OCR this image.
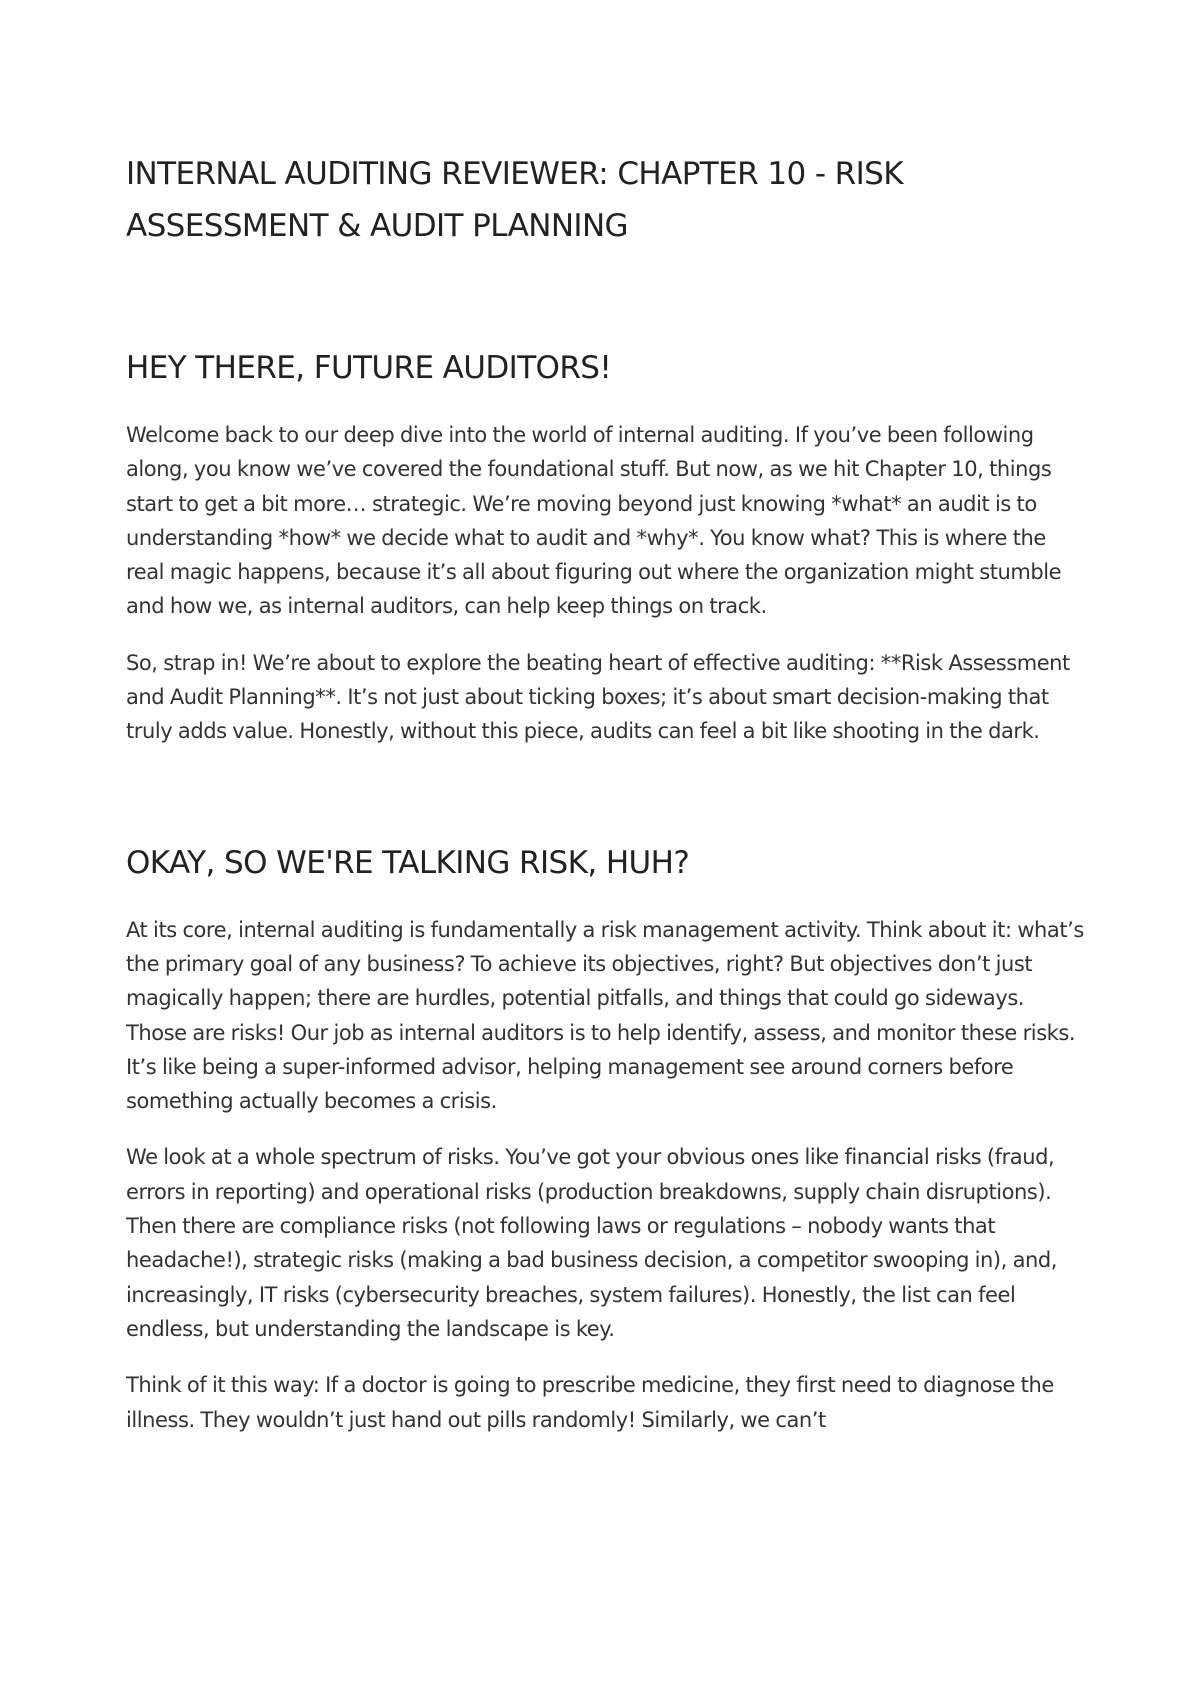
INTERNAL AUDITING REVIEWER: CHAPTER 10 - RISK ASSESSMENT & AUDIT PLANNING
HEY THERE, FUTURE AUDITORS!

Welcome back to our deep dive into the world of internal auditing. If you’ve been following along, you know we’ve covered the foundational stuff. But now, as we hit Chapter 10, things start to get a bit more… strategic. We’re moving beyond just knowing *what* an audit is to understanding *how* we decide what to audit and *why*. You know what? This is where the real magic happens, because it’s all about figuring out where the organization might stumble and how we, as internal auditors, can help keep things on track.

So, strap in! We’re about to explore the beating heart of effective auditing: **Risk Assessment and Audit Planning**. It’s not just about ticking boxes; it’s about smart decision-making that truly adds value. Honestly, without this piece, audits can feel a bit like shooting in the dark.

OKAY, SO WE'RE TALKING RISK, HUH?

At its core, internal auditing is fundamentally a risk management activity. Think about it: what’s the primary goal of any business? To achieve its objectives, right? But objectives don’t just magically happen; there are hurdles, potential pitfalls, and things that could go sideways. Those are risks! Our job as internal auditors is to help identify, assess, and monitor these risks. It’s like being a super-informed advisor, helping management see around corners before something actually becomes a crisis.

We look at a whole spectrum of risks. You’ve got your obvious ones like financial risks (fraud, errors in reporting) and operational risks (production breakdowns, supply chain disruptions). Then there are compliance risks (not following laws or regulations – nobody wants that headache!), strategic risks (making a bad business decision, a competitor swooping in), and, increasingly, IT risks (cybersecurity breaches, system failures). Honestly, the list can feel endless, but understanding the landscape is key.

Think of it this way: If a doctor is going to prescribe medicine, they first need to diagnose the illness. They wouldn’t just hand out pills randomly! Similarly, we can’t
